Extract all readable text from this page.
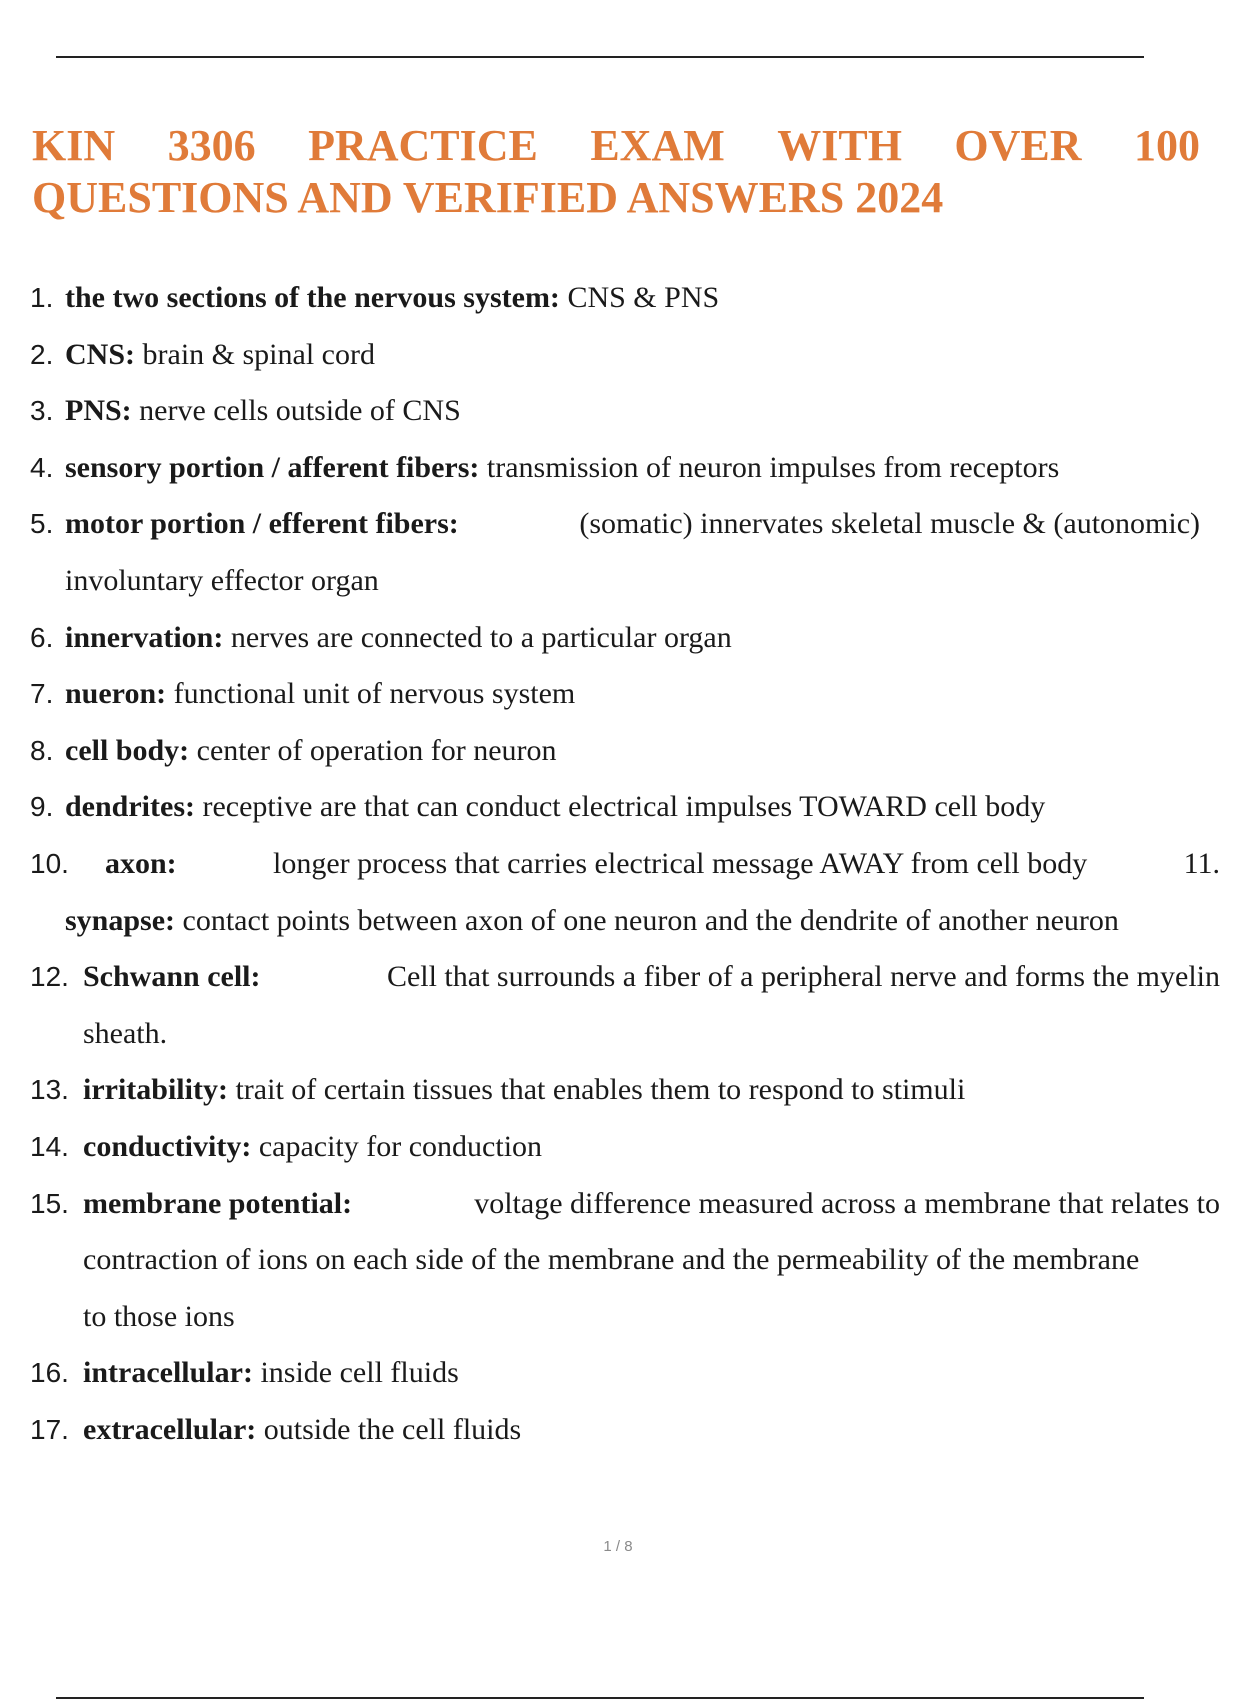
KIN 3306 PRACTICE EXAM WITH OVER 100
QUESTIONS AND VERIFIED ANSWERS 2024
1. the two sections of the nervous system: CNS & PNS
2. CNS: brain & spinal cord
3. PNS: nerve cells outside of CNS
4. sensory portion / afferent fibers: transmission of neuron impulses from receptors
5. motor portion / efferent fibers:	(somatic) innervates skeletal muscle & (autonomic)
involuntary effector organ
6. innervation: nerves are connected to a particular organ
7. nueron: functional unit of nervous system
8. cell body: center of operation for neuron
9. dendrites: receptive are that can conduct electrical impulses TOWARD cell body
10. axon:	longer process that carries electrical message AWAY from cell body	11.
synapse: contact points between axon of one neuron and the dendrite of another neuron
12. Schwann cell:	Cell that surrounds a fiber of a peripheral nerve and forms the myelin
sheath.
13. irritability: trait of certain tissues that enables them to respond to stimuli
14. conductivity: capacity for conduction
15. membrane potential:	voltage difference measured across a membrane that relates to
contraction of ions on each side of the membrane and the permeability of the membrane
to those ions
16. intracellular: inside cell fluids
17. extracellular: outside the cell fluids
1 / 8
